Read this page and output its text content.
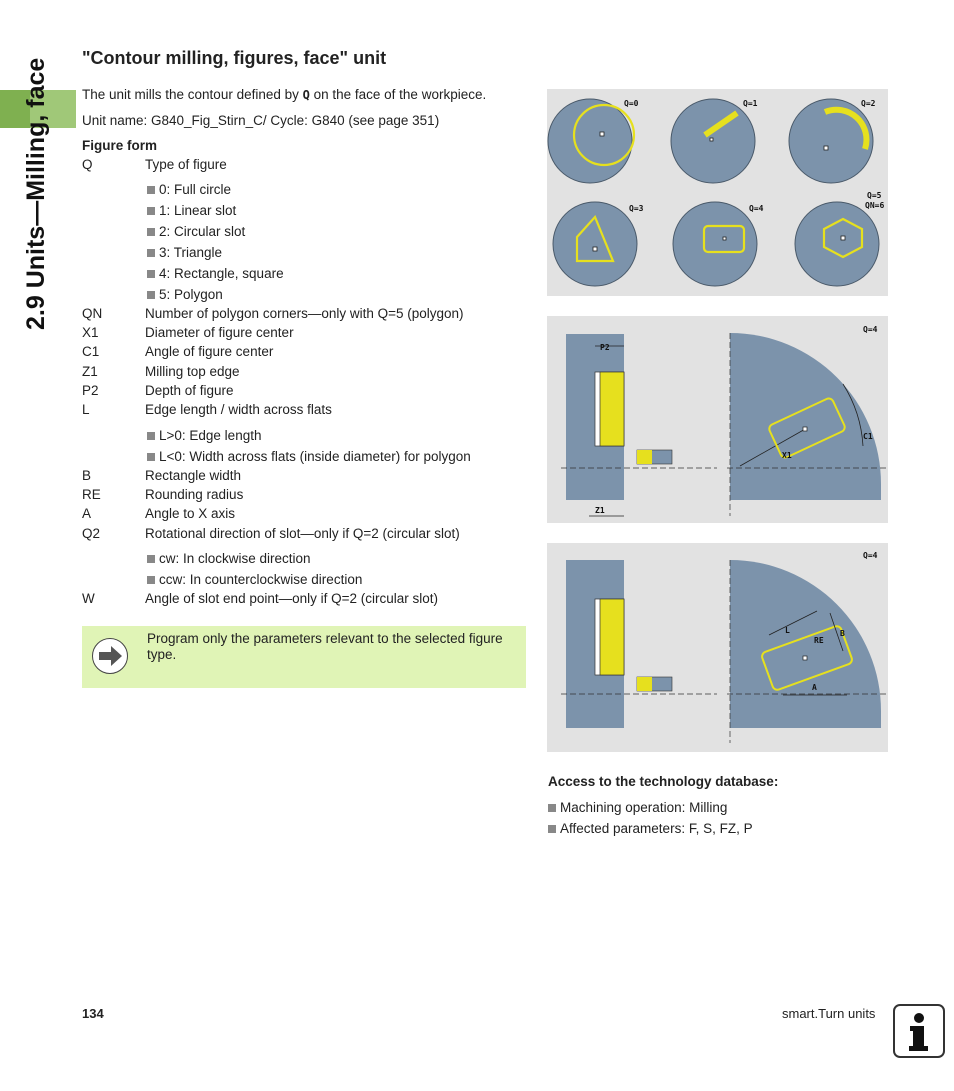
2.9 Units—Milling, face "Contour milling, figures, face" unit
The unit mills the contour defined by Q on the face of the workpiece.
Unit name: G840_Fig_Stirn_C/ Cycle: G840 (see page 351)
Figure form
Q	Type of figure
0: Full circle
1: Linear slot
2: Circular slot
3: Triangle
4: Rectangle, square
5: Polygon
QN	Number of polygon corners—only with Q=5 (polygon)
X1	Diameter of figure center
C1	Angle of figure center
Z1	Milling top edge
P2	Depth of figure
L	Edge length / width across flats
L>0: Edge length
L<0: Width across flats (inside diameter) for polygon
B	Rectangle width
RE	Rounding radius
A	Angle to X axis
Q2	Rotational direction of slot—only if Q=2 (circular slot)
cw: In clockwise direction
ccw: In counterclockwise direction
W	Angle of slot end point—only if Q=2 (circular slot)
Program only the parameters relevant to the selected figure type.
Q=0	Q=1	Q=2
Q=3	Q=4
Q=5
QN=6
P2
Z1
Q=4
C1
X1
Q=4
L
RE
B
A
Access to the technology database:
Machining operation: Milling
Affected parameters: F, S, FZ, P
134	smart.Turn units
